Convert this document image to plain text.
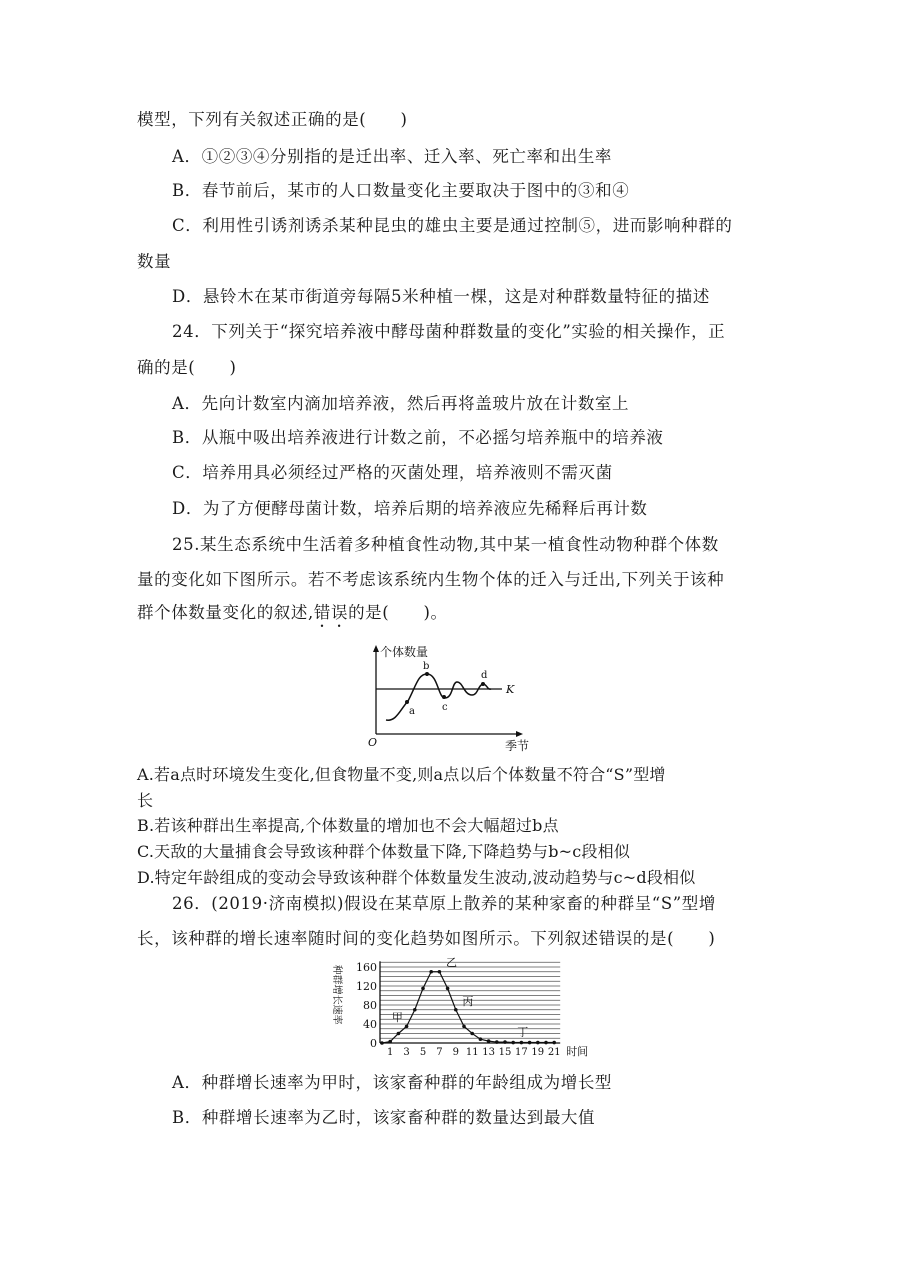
模型，下列有关叙述正确的是(　　)
A．①②③④分别指的是迁出率、迁入率、死亡率和出生率
B．春节前后，某市的人口数量变化主要取决于图中的③和④
C．利用性引诱剂诱杀某种昆虫的雄虫主要是通过控制⑤，进而影响种群的
数量
D．悬铃木在某市街道旁每隔5米种植一棵，这是对种群数量特征的描述
24．下列关于“探究培养液中酵母菌种群数量的变化”实验的相关操作，正
确的是(　　)
A．先向计数室内滴加培养液，然后再将盖玻片放在计数室上
B．从瓶中吸出培养液进行计数之前，不必摇匀培养瓶中的培养液
C．培养用具必须经过严格的灭菌处理，培养液则不需灭菌
D．为了方便酵母菌计数，培养后期的培养液应先稀释后再计数
25.某生态系统中生活着多种植食性动物,其中某一植食性动物种群个体数
量的变化如下图所示。若不考虑该系统内生物个体的迁入与迁出,下列关于该种
群个体数量变化的叙述,错误的是(　　)。
个体数量
季节
O
K
a
b
c
d
A.若a点时环境发生变化,但食物量不变,则a点以后个体数量不符合“S”型增
长
B.若该种群出生率提高,个体数量的增加也不会大幅超过b点
C.天敌的大量捕食会导致该种群个体数量下降,下降趋势与b~c段相似
D.特定年龄组成的变动会导致该种群个体数量发生波动,波动趋势与c~d段相似
26．(2019·济南模拟)假设在某草原上散养的某种家畜的种群呈“S”型增
长，该种群的增长速率随时间的变化趋势如图所示。下列叙述错误的是(　　)
0
40
80
120
160
1 3 5 7 9 11 13 15 17 19 21 时间
种群增长速率	甲
乙
丙
丁
A．种群增长速率为甲时，该家畜种群的年龄组成为增长型
B．种群增长速率为乙时，该家畜种群的数量达到最大值
